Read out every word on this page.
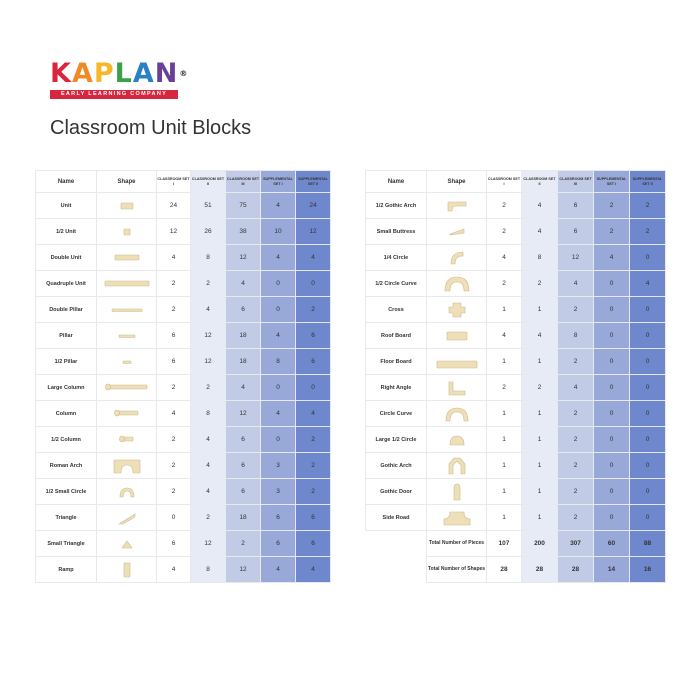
KAPLAN®
EARLY LEARNING COMPANY
Classroom Unit Blocks
Name	Shape	CLASSROOM SET I	CLASSROOM SET II	CLASSROOM SET III	SUPPLEMENTAL SET I	SUPPLEMENTAL SET II
Unit		24	51	75	4	24
1/2 Unit		12	26	38	10	12
Double Unit		4	8	12	4	4
Quadruple Unit		2	2	4	0	0
Double Pillar		2	4	6	0	2
Pillar		6	12	18	4	6
1/2 Pillar		6	12	18	8	6
Large Column		2	2	4	0	0
Column		4	8	12	4	4
1/2 Column		2	4	6	0	2
Roman Arch		2	4	6	3	2
1/2 Small Circle		2	4	6	3	2
Triangle		0	2	18	6	6
Small Triangle		6	12	2	6	6
Ramp		4	8	12	4	4
Name	Shape	CLASSROOM SET I	CLASSROOM SET II	CLASSROOM SET III	SUPPLEMENTAL SET I	SUPPLEMENTAL SET II
1/2 Gothic Arch		2	4	6	2	2
Small Buttress		2	4	6	2	2
1/4 Circle		4	8	12	4	0
1/2 Circle Curve		2	2	4	0	4
Cross		1	1	2	0	0
Roof Board		4	4	8	0	0
Floor Board		1	1	2	0	0
Right Angle		2	2	4	0	0
Circle Curve		1	1	2	0	0
Large 1/2 Circle		1	1	2	0	0
Gothic Arch		1	1	2	0	0
Gothic Door		1	1	2	0	0
Side Road		1	1	2	0	0
	Total Number of Pieces	107	200	307	60	88
	Total Number of Shapes	28	28	28	14	16
